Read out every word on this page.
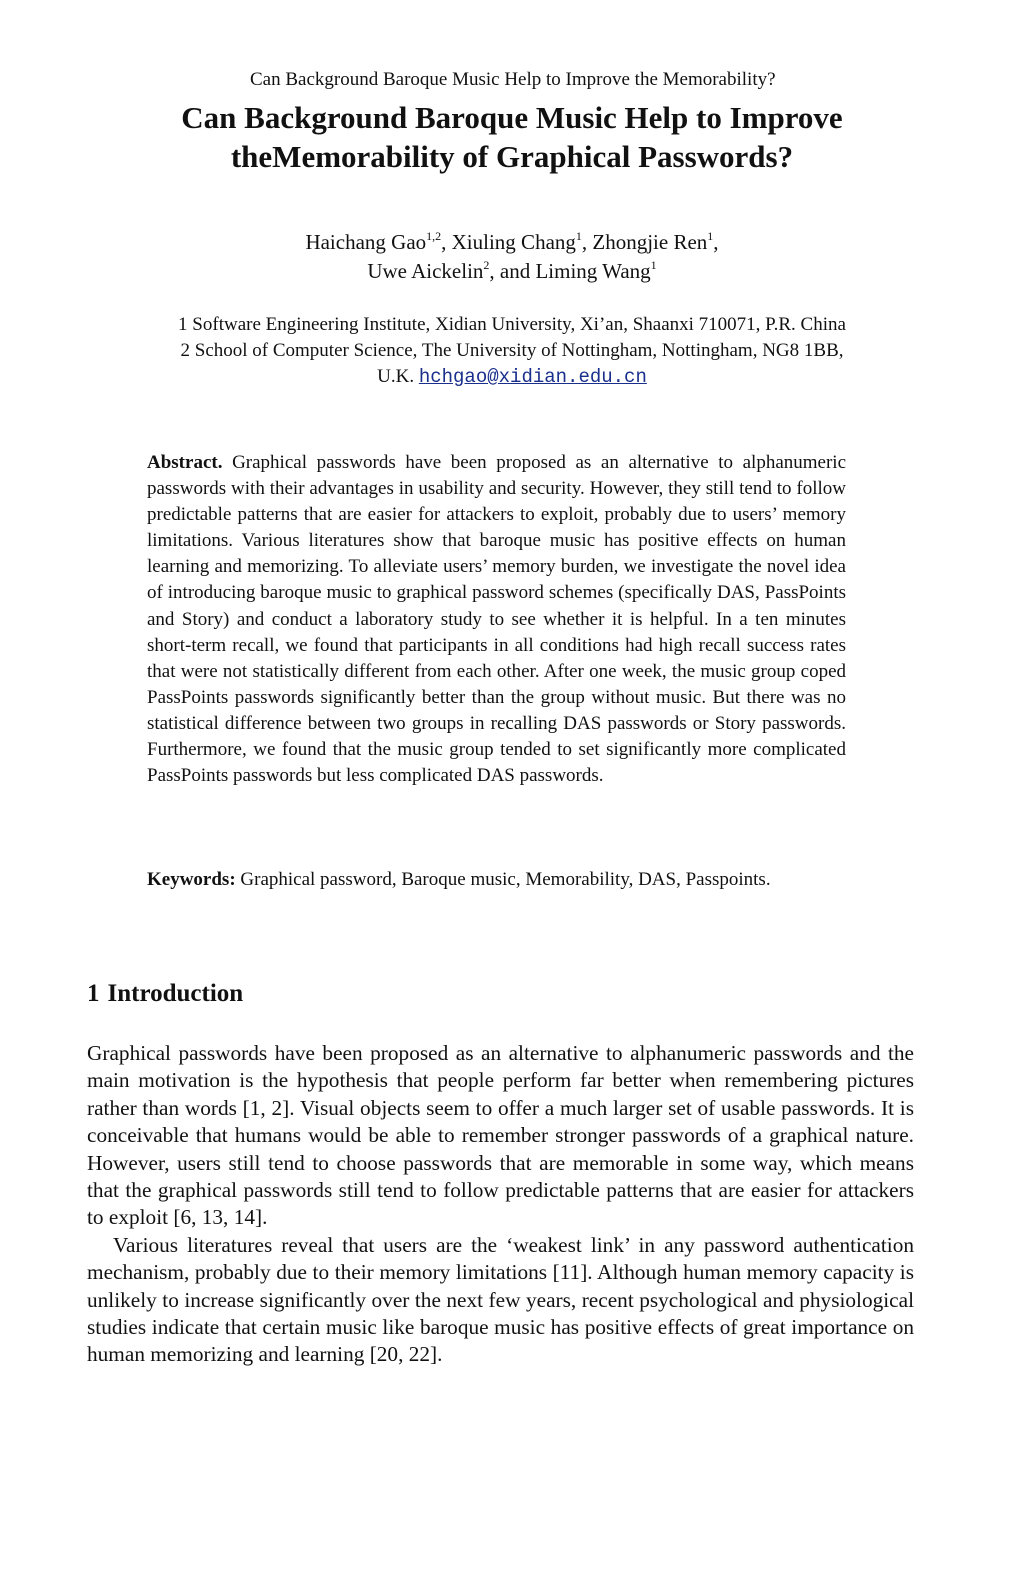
Can Background Baroque Music Help to Improve the Memorability?
Can Background Baroque Music Help to Improve
theMemorability of Graphical Passwords?
Haichang Gao$^{1,2}$, Xiuling Chang$^1$, Zhongjie Ren$^1$,
Uwe Aickelin$^2$, and Liming Wang$^1$
1 Software Engineering Institute, Xidian University, Xi’an, Shaanxi 710071, P.R. China
2 School of Computer Science, The University of Nottingham, Nottingham, NG8 1BB,
U.K. hchgao@xidian.edu.cn
Abstract. Graphical passwords have been proposed as an alternative to alphanumeric passwords with their advantages in usability and security. However, they still tend to follow predictable patterns that are easier for attackers to exploit, probably due to users’ memory limitations. Various literatures show that baroque music has positive effects on human learning and memorizing. To alleviate users’ memory burden, we investigate the novel idea of introducing baroque music to graphical password schemes (specifically DAS, PassPoints and Story) and conduct a laboratory study to see whether it is helpful. In a ten minutes short-term recall, we found that participants in all conditions had high recall success rates that were not statistically different from each other. After one week, the music group coped PassPoints passwords significantly better than the group without music. But there was no statistical difference between two groups in recalling DAS passwords or Story passwords. Furthermore, we found that the music group tended to set significantly more complicated PassPoints passwords but less complicated DAS passwords.
Keywords: Graphical password, Baroque music, Memorability, DAS, Passpoints.
1 Introduction

Graphical passwords have been proposed as an alternative to alphanumeric passwords and the main motivation is the hypothesis that people perform far better when remembering pictures rather than words [1, 2]. Visual objects seem to offer a much larger set of usable passwords. It is conceivable that humans would be able to remember stronger passwords of a graphical nature. However, users still tend to choose passwords that are memorable in some way, which means that the graphical passwords still tend to follow predictable patterns that are easier for attackers to exploit [6, 13, 14].

Various literatures reveal that users are the ‘weakest link’ in any password authentication mechanism, probably due to their memory limitations [11]. Although human memory capacity is unlikely to increase significantly over the next few years, recent psychological and physiological studies indicate that certain music like baroque music has positive effects of great importance on human memorizing and learning [20, 22].
